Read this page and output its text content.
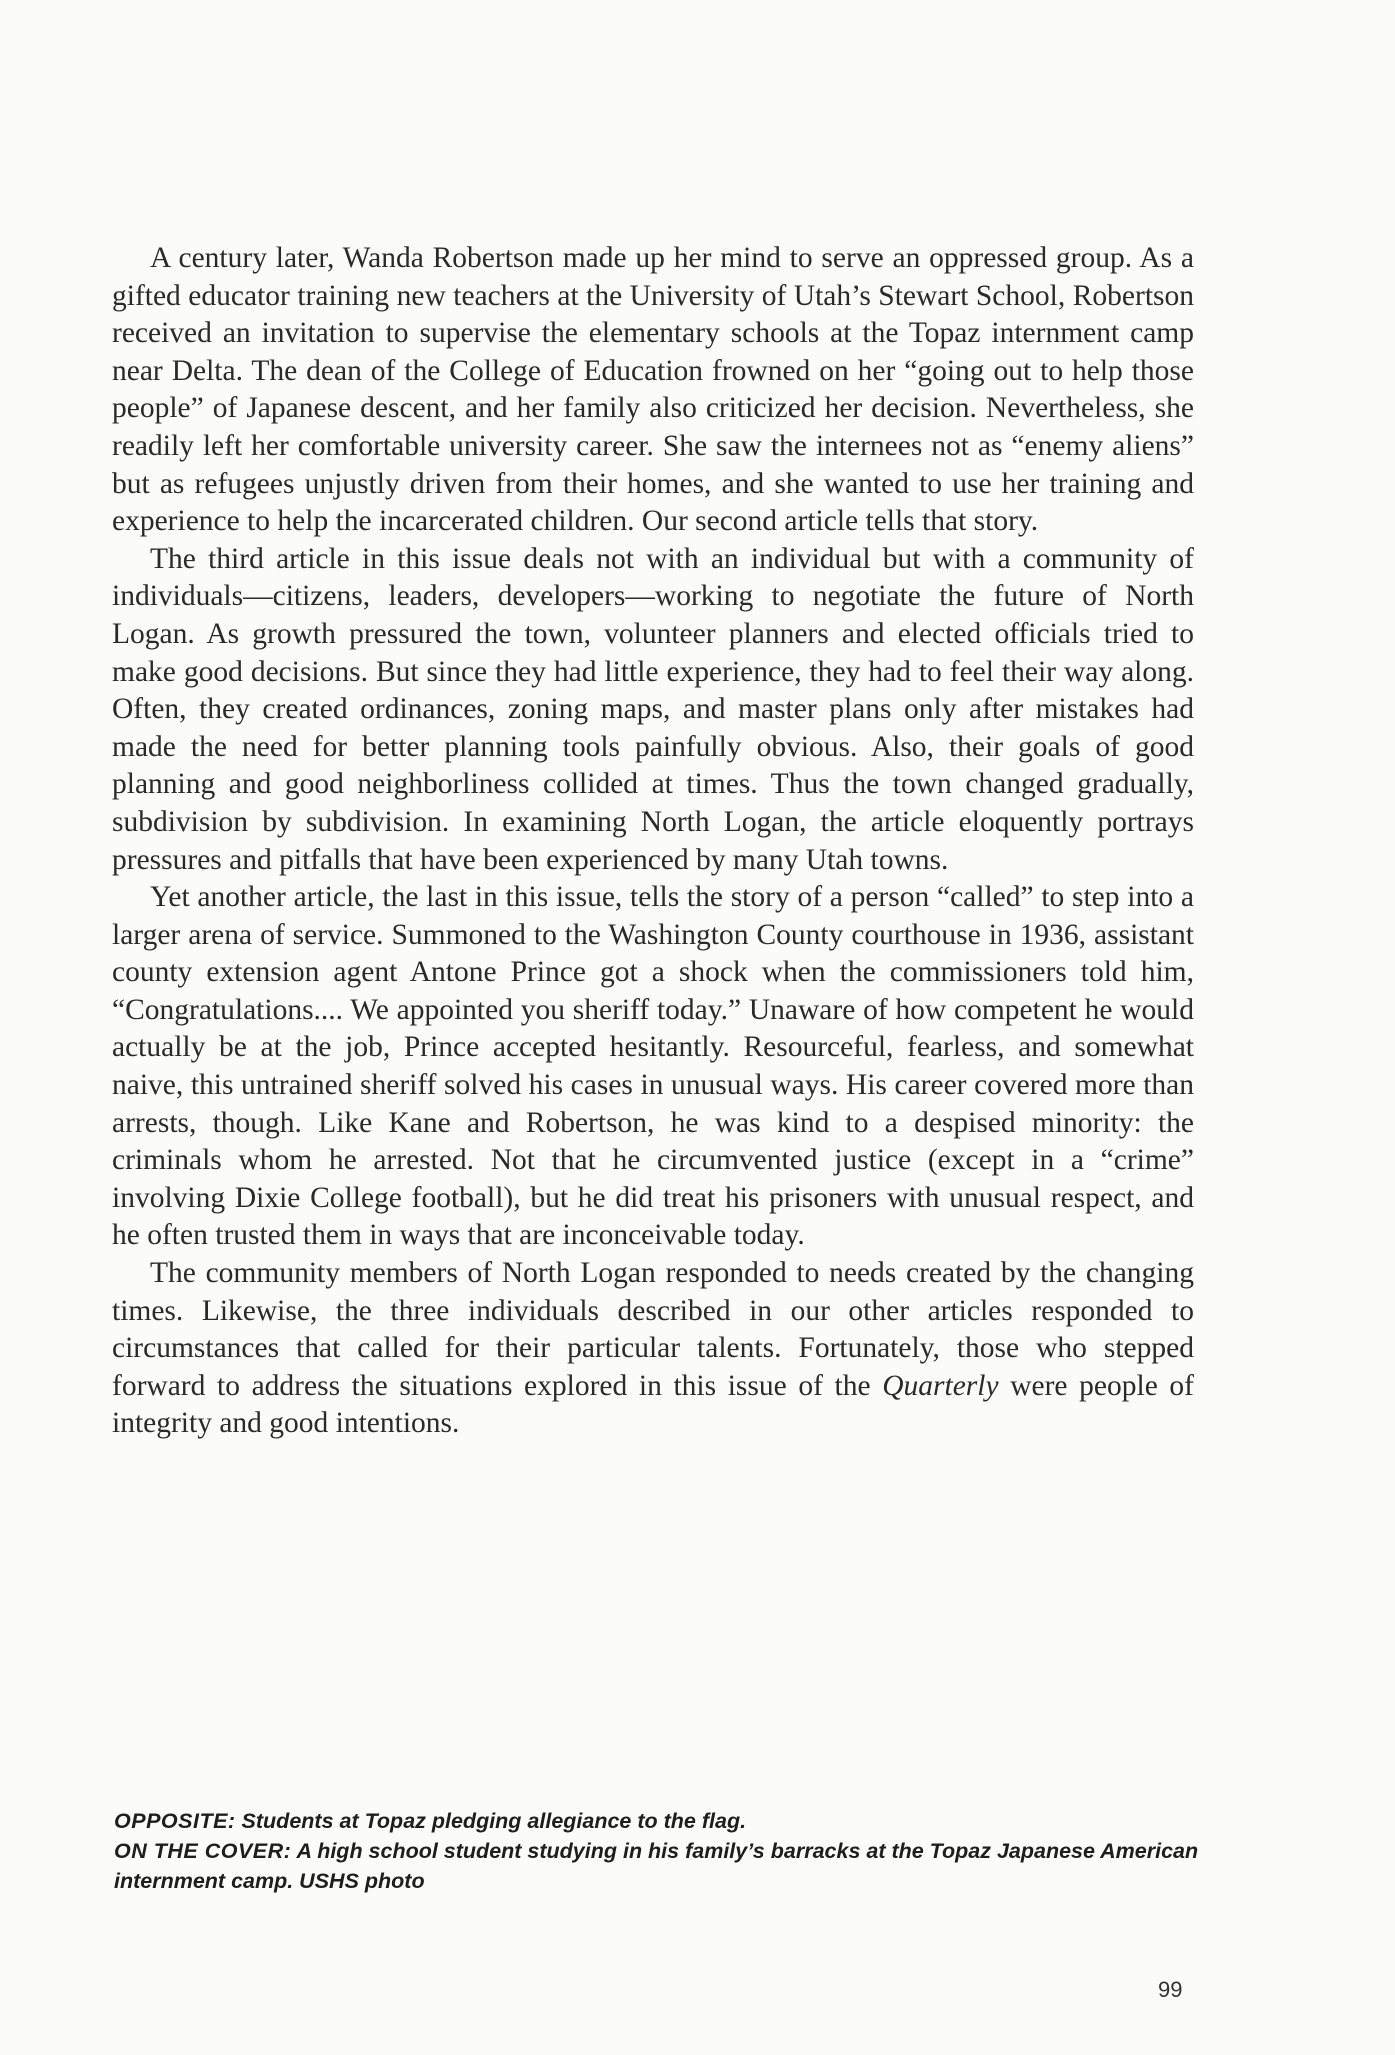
A century later, Wanda Robertson made up her mind to serve an oppressed group. As a gifted educator training new teachers at the University of Utah’s Stewart School, Robertson received an invitation to supervise the elementary schools at the Topaz internment camp near Delta. The dean of the College of Education frowned on her “going out to help those people” of Japanese descent, and her family also criticized her decision. Nevertheless, she readily left her comfortable university career. She saw the internees not as “enemy aliens” but as refugees unjustly driven from their homes, and she wanted to use her training and experience to help the incarcerated children. Our second article tells that story.

The third article in this issue deals not with an individual but with a community of individuals—citizens, leaders, developers—working to negotiate the future of North Logan. As growth pressured the town, volunteer planners and elected officials tried to make good decisions. But since they had little experience, they had to feel their way along. Often, they created ordinances, zoning maps, and master plans only after mistakes had made the need for better planning tools painfully obvious. Also, their goals of good planning and good neighborliness collided at times. Thus the town changed gradually, subdivision by subdivision. In examining North Logan, the article eloquently portrays pressures and pitfalls that have been experienced by many Utah towns.

Yet another article, the last in this issue, tells the story of a person “called” to step into a larger arena of service. Summoned to the Washington County courthouse in 1936, assistant county extension agent Antone Prince got a shock when the commissioners told him, “Congratulations.... We appointed you sheriff today.” Unaware of how competent he would actually be at the job, Prince accepted hesitantly. Resourceful, fearless, and somewhat naive, this untrained sheriff solved his cases in unusual ways. His career covered more than arrests, though. Like Kane and Robertson, he was kind to a despised minority: the criminals whom he arrested. Not that he circumvented justice (except in a “crime” involving Dixie College football), but he did treat his prisoners with unusual respect, and he often trusted them in ways that are inconceivable today.

The community members of North Logan responded to needs created by the changing times. Likewise, the three individuals described in our other articles responded to circumstances that called for their particular talents. Fortunately, those who stepped forward to address the situations explored in this issue of the Quarterly were people of integrity and good intentions.

OPPOSITE: Students at Topaz pledging allegiance to the flag.

ON THE COVER: A high school student studying in his family’s barracks at the Topaz Japanese American internment camp. USHS photo

99
